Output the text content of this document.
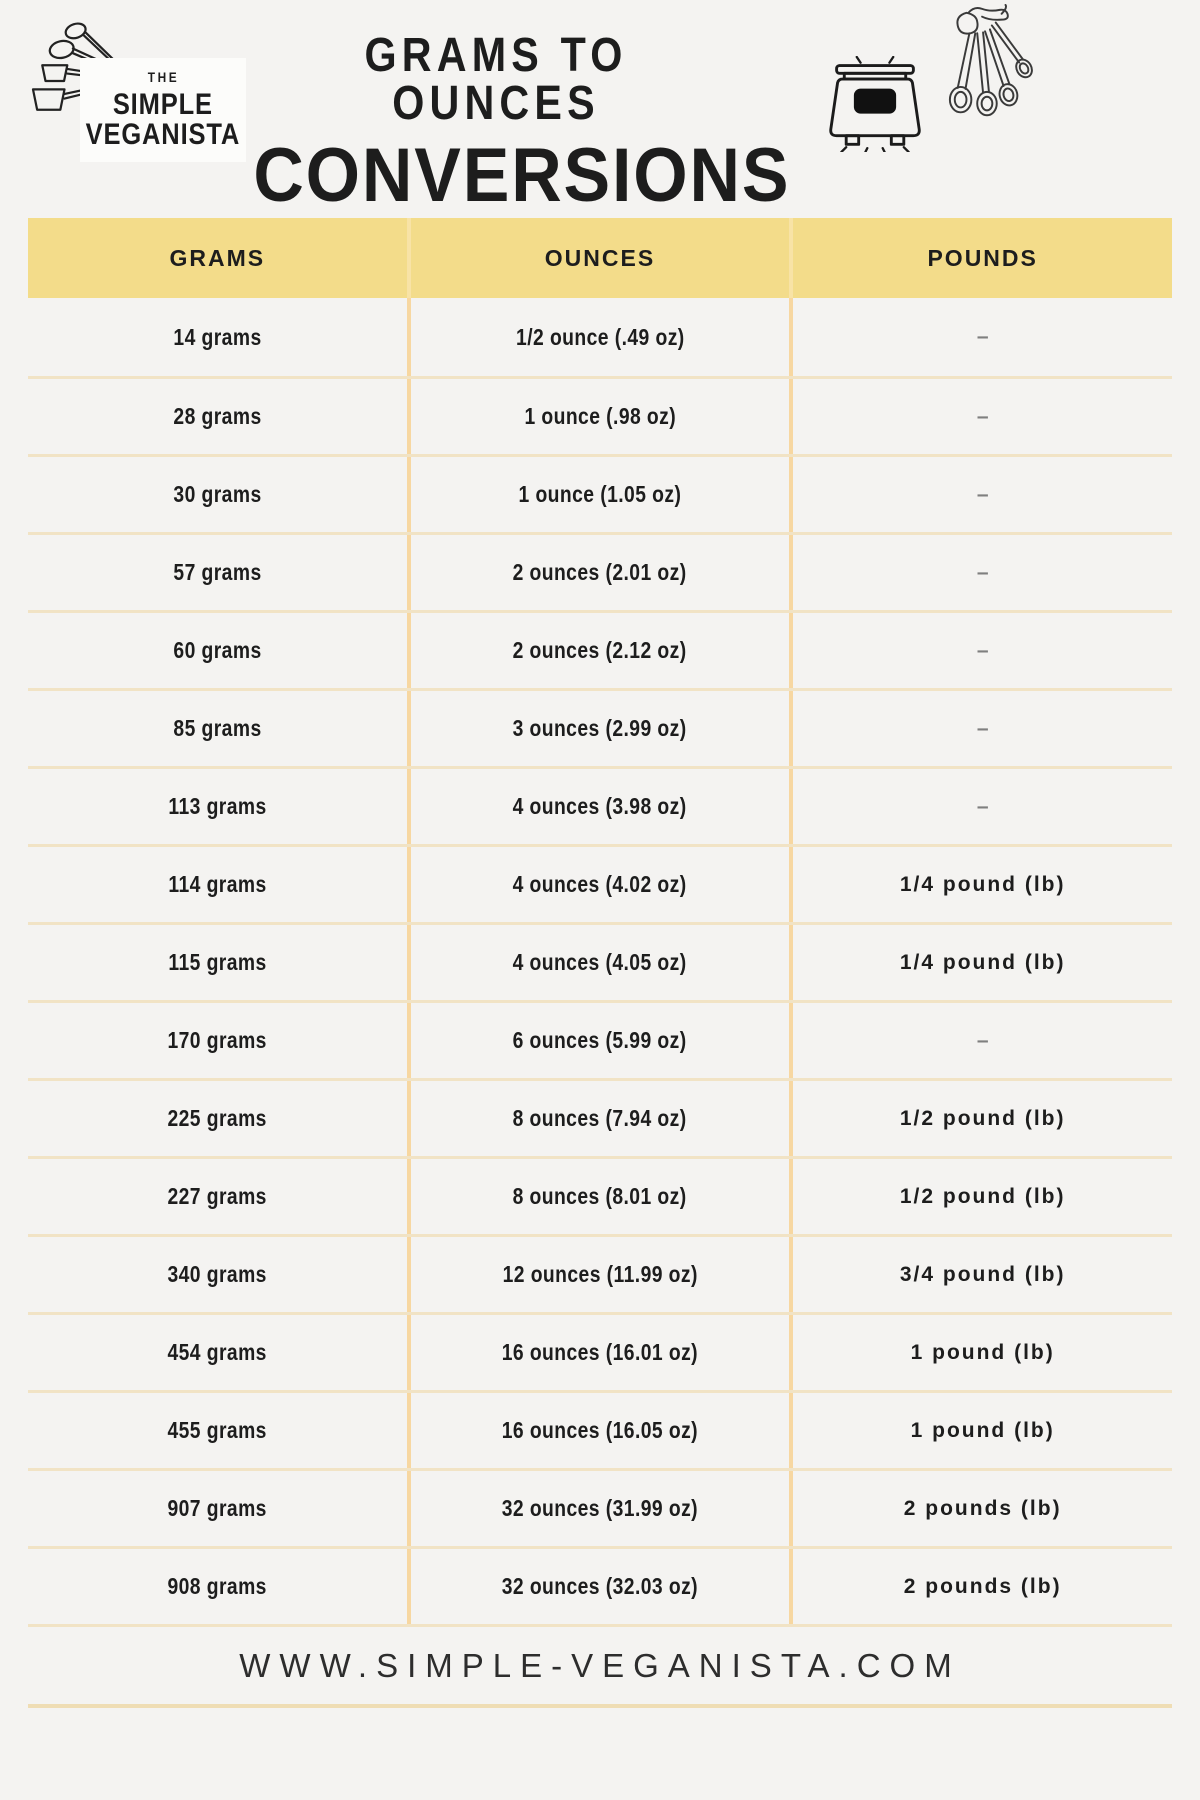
THE
SIMPLE
VEGANISTA
GRAMS TO OUNCES
CONVERSIONS
GRAMS	OUNCES	POUNDS
14 grams	1/2 ounce (.49 oz)	–
28 grams	1 ounce (.98 oz)	–
30 grams	1 ounce (1.05 oz)	–
57 grams	2 ounces (2.01 oz)	–
60 grams	2 ounces (2.12 oz)	–
85 grams	3 ounces (2.99 oz)	–
113 grams	4 ounces (3.98 oz)	–
114 grams	4 ounces (4.02 oz)	1/4 pound (lb)
115 grams	4 ounces (4.05 oz)	1/4 pound (lb)
170 grams	6 ounces (5.99 oz)	–
225 grams	8 ounces (7.94 oz)	1/2 pound (lb)
227 grams	8 ounces (8.01 oz)	1/2 pound (lb)
340 grams	12 ounces (11.99 oz)	3/4 pound (lb)
454 grams	16 ounces (16.01 oz)	1 pound (lb)
455 grams	16 ounces (16.05 oz)	1 pound (lb)
907 grams	32 ounces (31.99 oz)	2 pounds (lb)
908 grams	32 ounces (32.03 oz)	2 pounds (lb)
WWW.SIMPLE-VEGANISTA.COM
